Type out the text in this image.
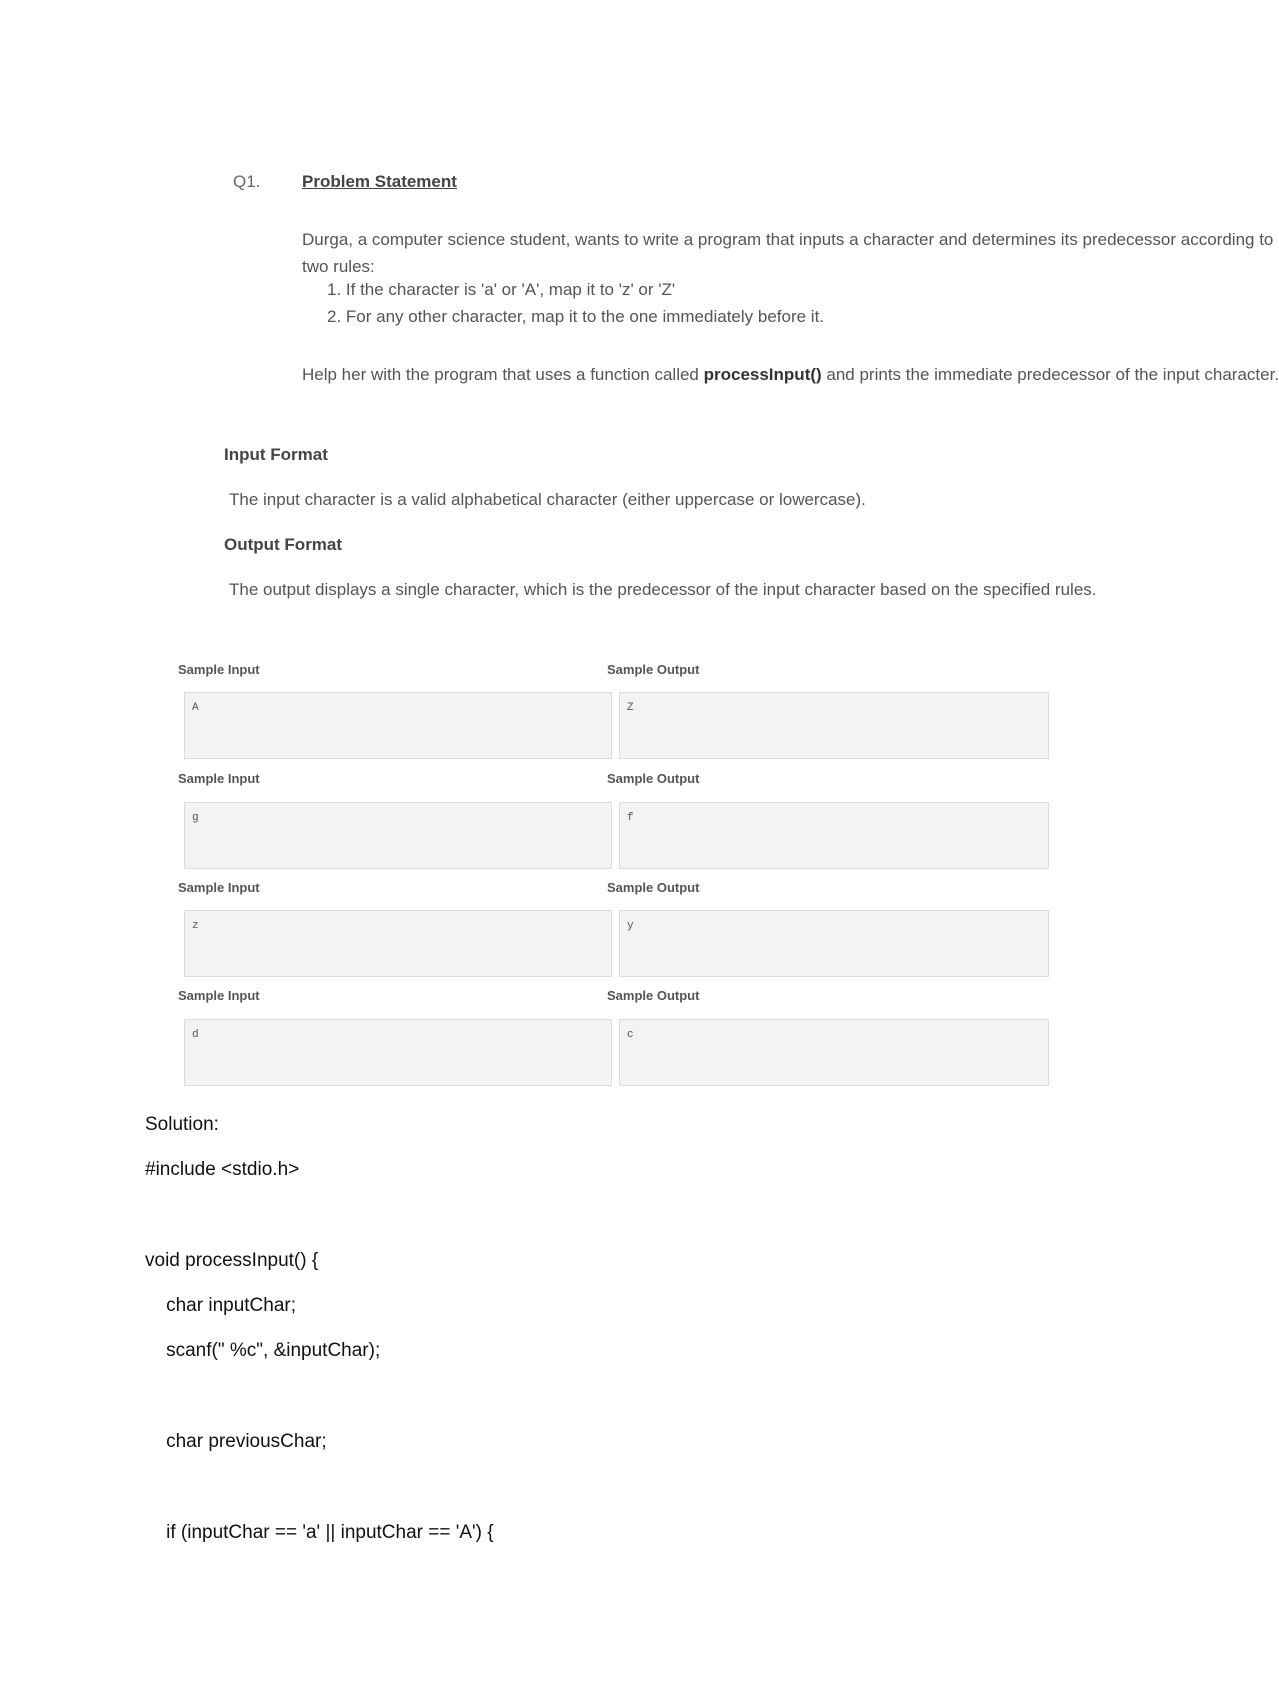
Q1. Problem Statement
Durga, a computer science student, wants to write a program that inputs a character and determines its predecessor according to
two rules:
1. If the character is 'a' or 'A', map it to 'z' or 'Z'
2. For any other character, map it to the one immediately before it.
Help her with the program that uses a function called processInput() and prints the immediate predecessor of the input character.
Input Format
The input character is a valid alphabetical character (either uppercase or lowercase).
Output Format
The output displays a single character, which is the predecessor of the input character based on the specified rules.
Sample Input	Sample Output
A	Z
Sample Input	Sample Output
g	f
Sample Input	Sample Output
z	y
Sample Input	Sample Output
d	c
Solution:
#include <stdio.h>
void processInput() {
char inputChar;
scanf(" %c", &inputChar);
char previousChar;
if (inputChar == 'a' || inputChar == 'A') {
